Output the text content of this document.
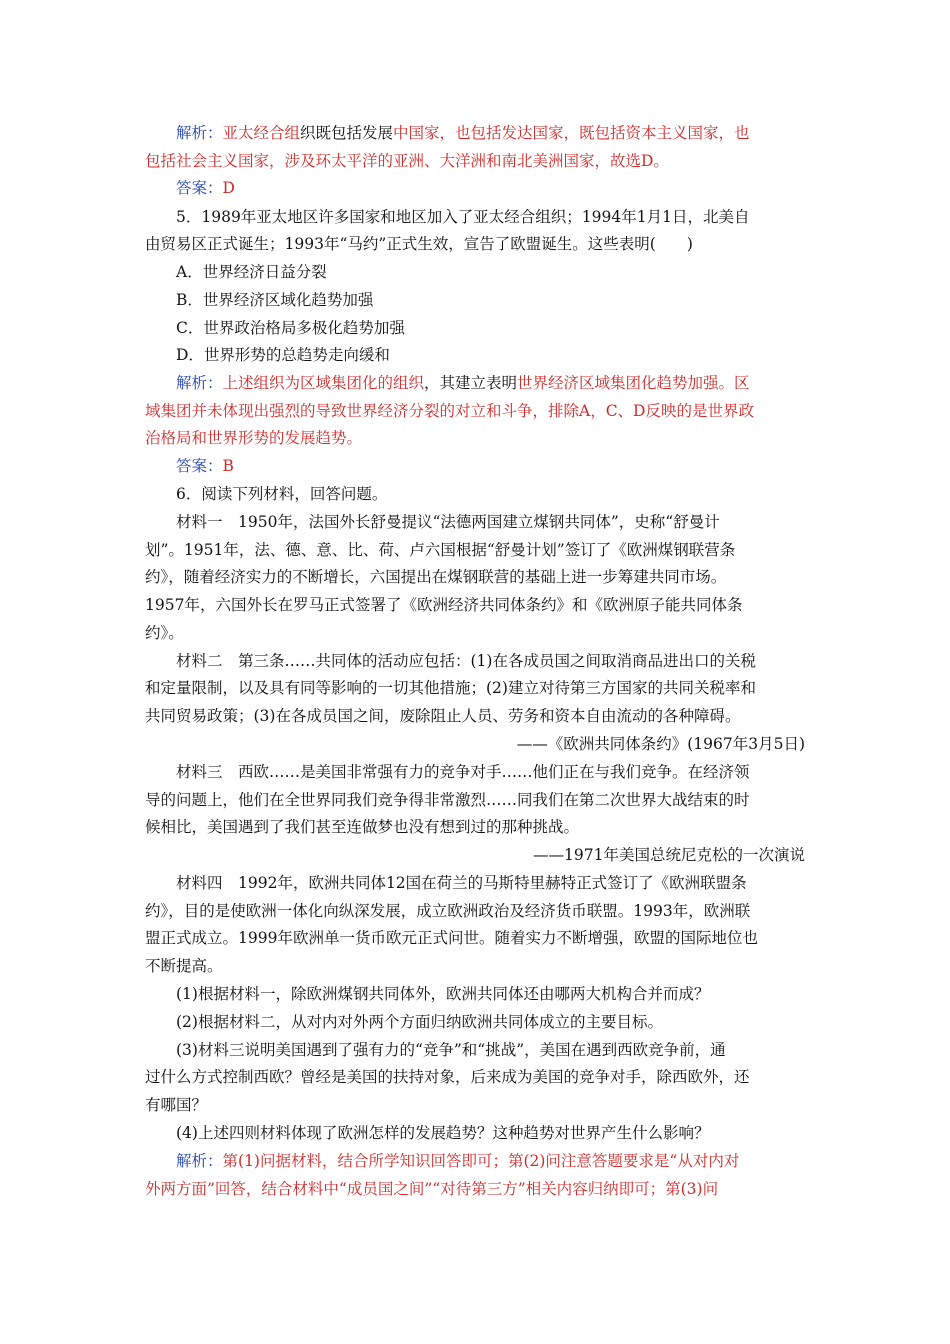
解析：亚太经合组织既包括发展中国家，也包括发达国家，既包括资本主义国家，也
包括社会主义国家，涉及环太平洋的亚洲、大洋洲和南北美洲国家，故选D。
答案：D
5．1989年亚太地区许多国家和地区加入了亚太经合组织；1994年1月1日，北美自
由贸易区正式诞生；1993年“马约”正式生效，宣告了欧盟诞生。这些表明(　　)
A．世界经济日益分裂
B．世界经济区域化趋势加强
C．世界政治格局多极化趋势加强
D．世界形势的总趋势走向缓和
解析：上述组织为区域集团化的组织，其建立表明世界经济区域集团化趋势加强。区
域集团并未体现出强烈的导致世界经济分裂的对立和斗争，排除A，C、D反映的是世界政
治格局和世界形势的发展趋势。
答案：B
6．阅读下列材料，回答问题。
材料一　1950年，法国外长舒曼提议“法德两国建立煤钢共同体”，史称“舒曼计
划”。1951年，法、德、意、比、荷、卢六国根据“舒曼计划”签订了《欧洲煤钢联营条
约》，随着经济实力的不断增长，六国提出在煤钢联营的基础上进一步筹建共同市场。
1957年，六国外长在罗马正式签署了《欧洲经济共同体条约》和《欧洲原子能共同体条
约》。
材料二　第三条……共同体的活动应包括：(1)在各成员国之间取消商品进出口的关税
和定量限制，以及具有同等影响的一切其他措施；(2)建立对待第三方国家的共同关税率和
共同贸易政策；(3)在各成员国之间，废除阻止人员、劳务和资本自由流动的各种障碍。
——《欧洲共同体条约》(1967年3月5日)
材料三　西欧……是美国非常强有力的竞争对手……他们正在与我们竞争。在经济领
导的问题上，他们在全世界同我们竞争得非常激烈……同我们在第二次世界大战结束的时
候相比，美国遇到了我们甚至连做梦也没有想到过的那种挑战。
——1971年美国总统尼克松的一次演说
材料四　1992年，欧洲共同体12国在荷兰的马斯特里赫特正式签订了《欧洲联盟条
约》，目的是使欧洲一体化向纵深发展，成立欧洲政治及经济货币联盟。1993年，欧洲联
盟正式成立。1999年欧洲单一货币欧元正式问世。随着实力不断增强，欧盟的国际地位也
不断提高。
(1)根据材料一，除欧洲煤钢共同体外，欧洲共同体还由哪两大机构合并而成？
(2)根据材料二，从对内对外两个方面归纳欧洲共同体成立的主要目标。
(3)材料三说明美国遇到了强有力的“竞争”和“挑战”，美国在遇到西欧竞争前，通
过什么方式控制西欧？曾经是美国的扶持对象，后来成为美国的竞争对手，除西欧外，还
有哪国？
(4)上述四则材料体现了欧洲怎样的发展趋势？这种趋势对世界产生什么影响？
解析：第(1)问据材料，结合所学知识回答即可；第(2)问注意答题要求是“从对内对
外两方面”回答，结合材料中“成员国之间”“对待第三方”相关内容归纳即可；第(3)问
